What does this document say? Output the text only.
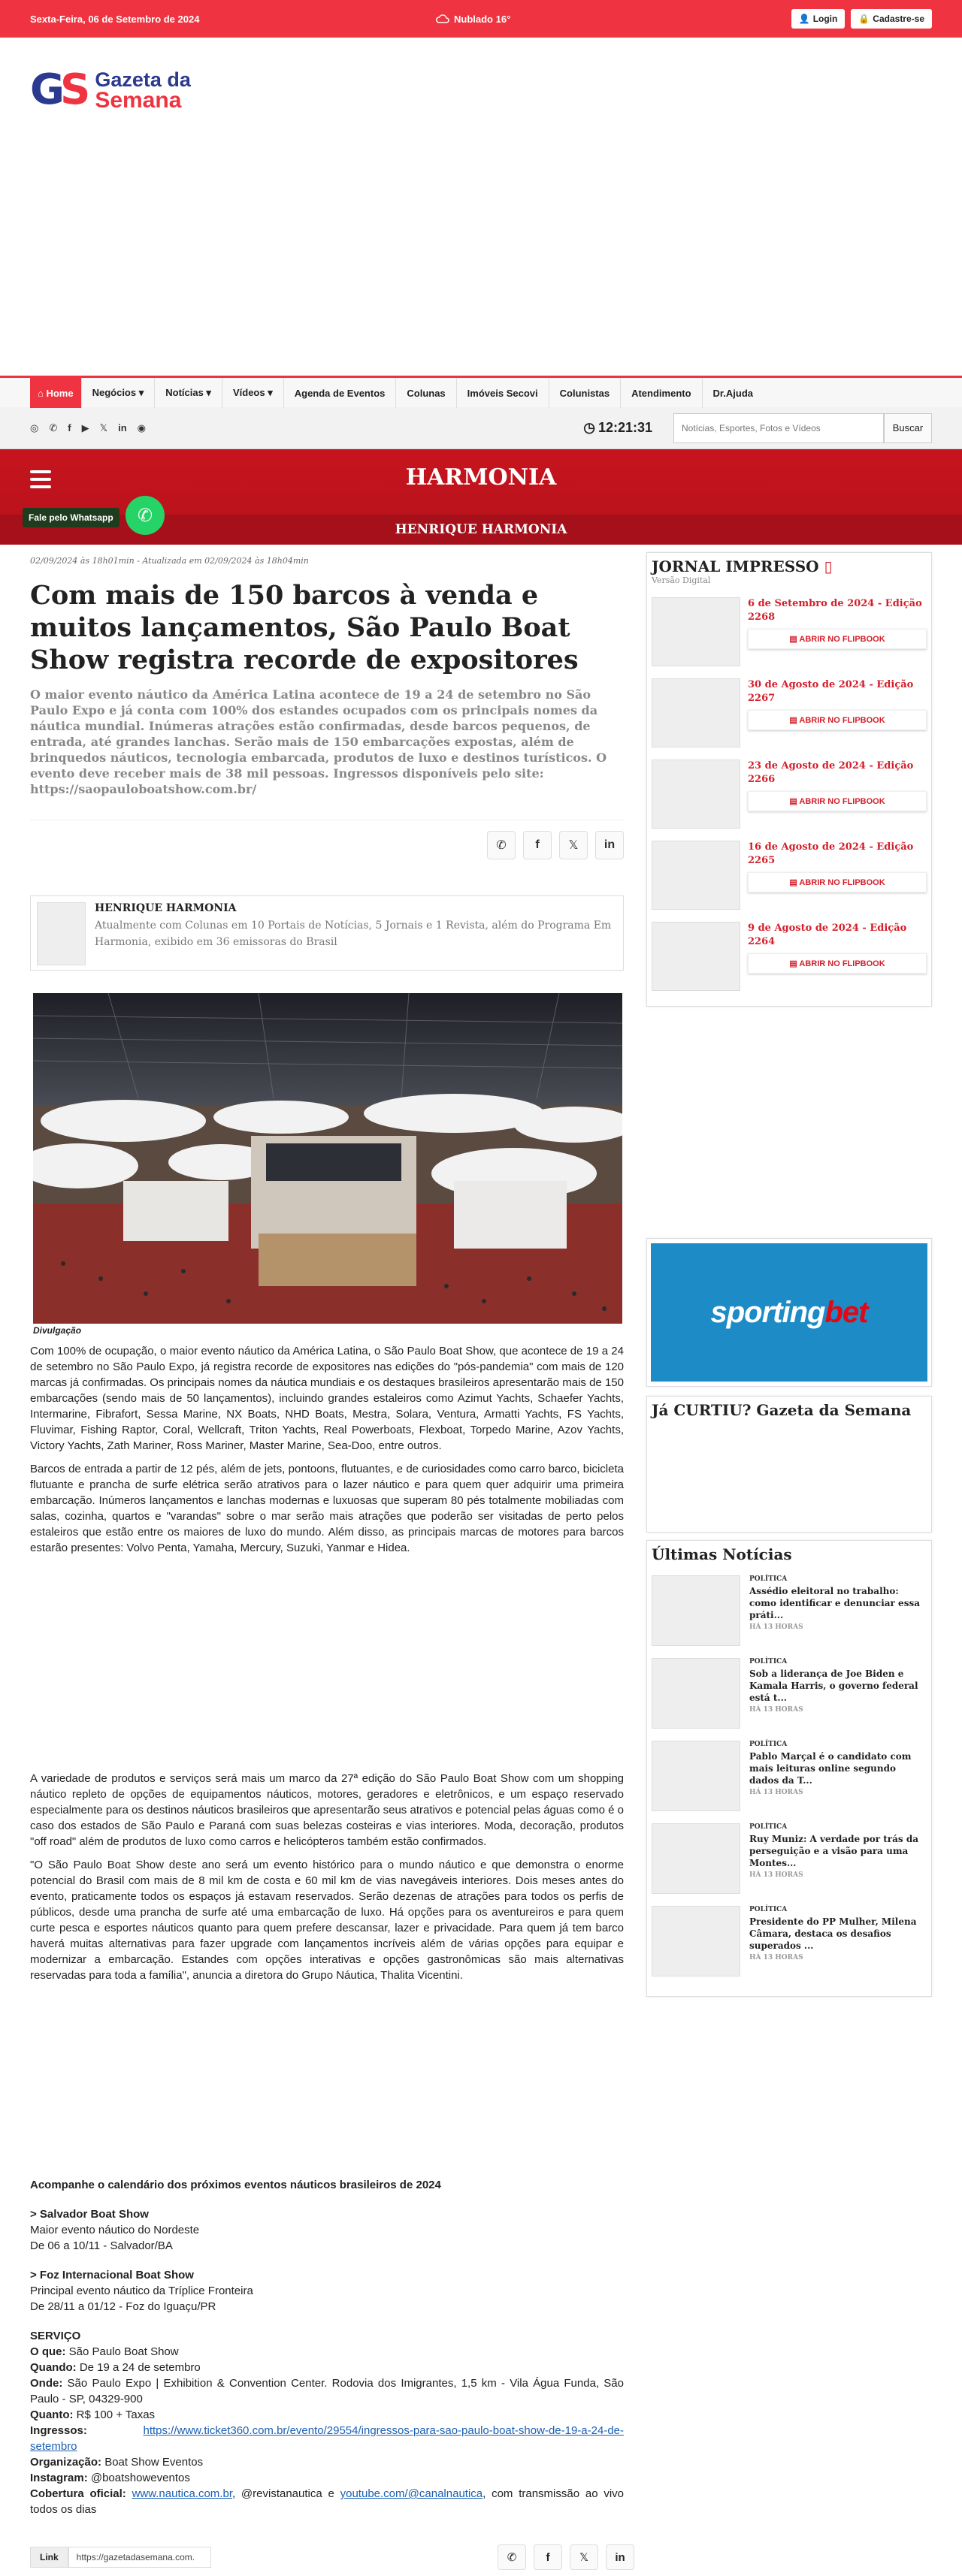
Sexta-Feira, 06 de Setembro de 2024	Nublado 16°	👤 Login 🔒 Cadastre-se
GS Gazeta da
Semana
⌂ Home	Negócios ▾	Notícias ▾	Vídeos ▾	Agenda de Eventos	Colunas	Imóveis Secovi	Colunistas	Atendimento	Dr.Ajuda
◎ ✆ f ▶ 𝕏 in ◉	◷ 12:21:31	Notícias, Esportes, Fotos e Vídeos	Buscar
HARMONIA
HENRIQUE HARMONIA
Fale pelo Whatsapp	✆
02/09/2024 às 18h01min - Atualizada em 02/09/2024 às 18h04min
Com mais de 150 barcos à venda e muitos lançamentos, São Paulo Boat Show registra recorde de expositores
O maior evento náutico da América Latina acontece de 19 a 24 de setembro no São Paulo Expo e já conta com 100% dos estandes ocupados com os principais nomes da náutica mundial. Inúmeras atrações estão confirmadas, desde barcos pequenos, de entrada, até grandes lanchas. Serão mais de 150 embarcações expostas, além de brinquedos náuticos, tecnologia embarcada, produtos de luxo e destinos turísticos. O evento deve receber mais de 38 mil pessoas. Ingressos disponíveis pelo site: https://saopauloboatshow.com.br/
✆	f	𝕏	in
HENRIQUE HARMONIA
Atualmente com Colunas em 10 Portais de Notícias, 5 Jornais e 1 Revista, além do Programa Em Harmonia, exibido em 36 emissoras do Brasil
Divulgação

Com 100% de ocupação, o maior evento náutico da América Latina, o São Paulo Boat Show, que acontece de 19 a 24 de setembro no São Paulo Expo, já registra recorde de expositores nas edições do "pós-pandemia" com mais de 120 marcas já confirmadas. Os principais nomes da náutica mundiais e os destaques brasileiros apresentarão mais de 150 embarcações (sendo mais de 50 lançamentos), incluindo grandes estaleiros como Azimut Yachts, Schaefer Yachts, Intermarine, Fibrafort, Sessa Marine, NX Boats, NHD Boats, Mestra, Solara, Ventura, Armatti Yachts, FS Yachts, Fluvimar, Fishing Raptor, Coral, Wellcraft, Triton Yachts, Real Powerboats, Flexboat, Torpedo Marine, Azov Yachts, Victory Yachts, Zath Mariner, Ross Mariner, Master Marine, Sea-Doo, entre outros.

Barcos de entrada a partir de 12 pés, além de jets, pontoons, flutuantes, e de curiosidades como carro barco, bicicleta flutuante e prancha de surfe elétrica serão atrativos para o lazer náutico e para quem quer adquirir uma primeira embarcação. Inúmeros lançamentos e lanchas modernas e luxuosas que superam 80 pés totalmente mobiliadas com salas, cozinha, quartos e "varandas" sobre o mar serão mais atrações que poderão ser visitadas de perto pelos estaleiros que estão entre os maiores de luxo do mundo. Além disso, as principais marcas de motores para barcos estarão presentes: Volvo Penta, Yamaha, Mercury, Suzuki, Yanmar e Hidea.

A variedade de produtos e serviços será mais um marco da 27ª edição do São Paulo Boat Show com um shopping náutico repleto de opções de equipamentos náuticos, motores, geradores e eletrônicos, e um espaço reservado especialmente para os destinos náuticos brasileiros que apresentarão seus atrativos e potencial pelas águas como é o caso dos estados de São Paulo e Paraná com suas belezas costeiras e vias interiores. Moda, decoração, produtos "off road" além de produtos de luxo como carros e helicópteros também estão confirmados.

"O São Paulo Boat Show deste ano será um evento histórico para o mundo náutico e que demonstra o enorme potencial do Brasil com mais de 8 mil km de costa e 60 mil km de vias navegáveis interiores. Dois meses antes do evento, praticamente todos os espaços já estavam reservados. Serão dezenas de atrações para todos os perfis de públicos, desde uma prancha de surfe até uma embarcação de luxo. Há opções para os aventureiros e para quem curte pesca e esportes náuticos quanto para quem prefere descansar, lazer e privacidade. Para quem já tem barco haverá muitas alternativas para fazer upgrade com lançamentos incríveis além de várias opções para equipar e modernizar a embarcação. Estandes com opções interativas e opções gastronômicas são mais alternativas reservadas para toda a família", anuncia a diretora do Grupo Náutica, Thalita Vicentini.

Acompanhe o calendário dos próximos eventos náuticos brasileiros de 2024

> Salvador Boat Show
Maior evento náutico do Nordeste
De 06 a 10/11 - Salvador/BA
> Foz Internacional Boat Show
Principal evento náutico da Tríplice Fronteira
De 28/11 a 01/12 - Foz do Iguaçu/PR
SERVIÇO
O que: São Paulo Boat Show
Quando: De 19 a 24 de setembro
Onde: São Paulo Expo | Exhibition & Convention Center. Rodovia dos Imigrantes, 1,5 km - Vila Água Funda, São Paulo - SP, 04329-900
Quanto: R$ 100 + Taxas
Ingressos:	https://www.ticket360.com.br/evento/29554/ingressos-para-sao-paulo-boat-show-de-19-a-24-de-setembro
Organização: Boat Show Eventos
Instagram: @boatshoweventos
Cobertura oficial: www.nautica.com.br, @revistanautica e youtube.com/@canalnautica, com transmissão ao vivo todos os dias
Link	https://gazetadasemana.com.	✆	f	𝕏	in
JORNAL IMPRESSO ▯
Versão Digital
6 de Setembro de 2024 - Edição 2268
▤ ABRIR NO FLIPBOOK
30 de Agosto de 2024 - Edição 2267
▤ ABRIR NO FLIPBOOK
23 de Agosto de 2024 - Edição 2266
▤ ABRIR NO FLIPBOOK
16 de Agosto de 2024 - Edição 2265
▤ ABRIR NO FLIPBOOK
9 de Agosto de 2024 - Edição 2264
▤ ABRIR NO FLIPBOOK
sportingbet
Já CURTIU? Gazeta da Semana
Últimas Notícias
POLÍTICA
Assédio eleitoral no trabalho: como identificar e denunciar essa práti...
HÁ 13 HORAS
POLÍTICA
Sob a liderança de Joe Biden e Kamala Harris, o governo federal está t...
HÁ 13 HORAS
POLÍTICA
Pablo Marçal é o candidato com mais leituras online segundo dados da T...
HÁ 13 HORAS
POLÍTICA
Ruy Muniz: A verdade por trás da perseguição e a visão para uma Montes...
HÁ 13 HORAS
POLÍTICA
Presidente do PP Mulher, Milena Câmara, destaca os desafios superados ...
HÁ 13 HORAS
